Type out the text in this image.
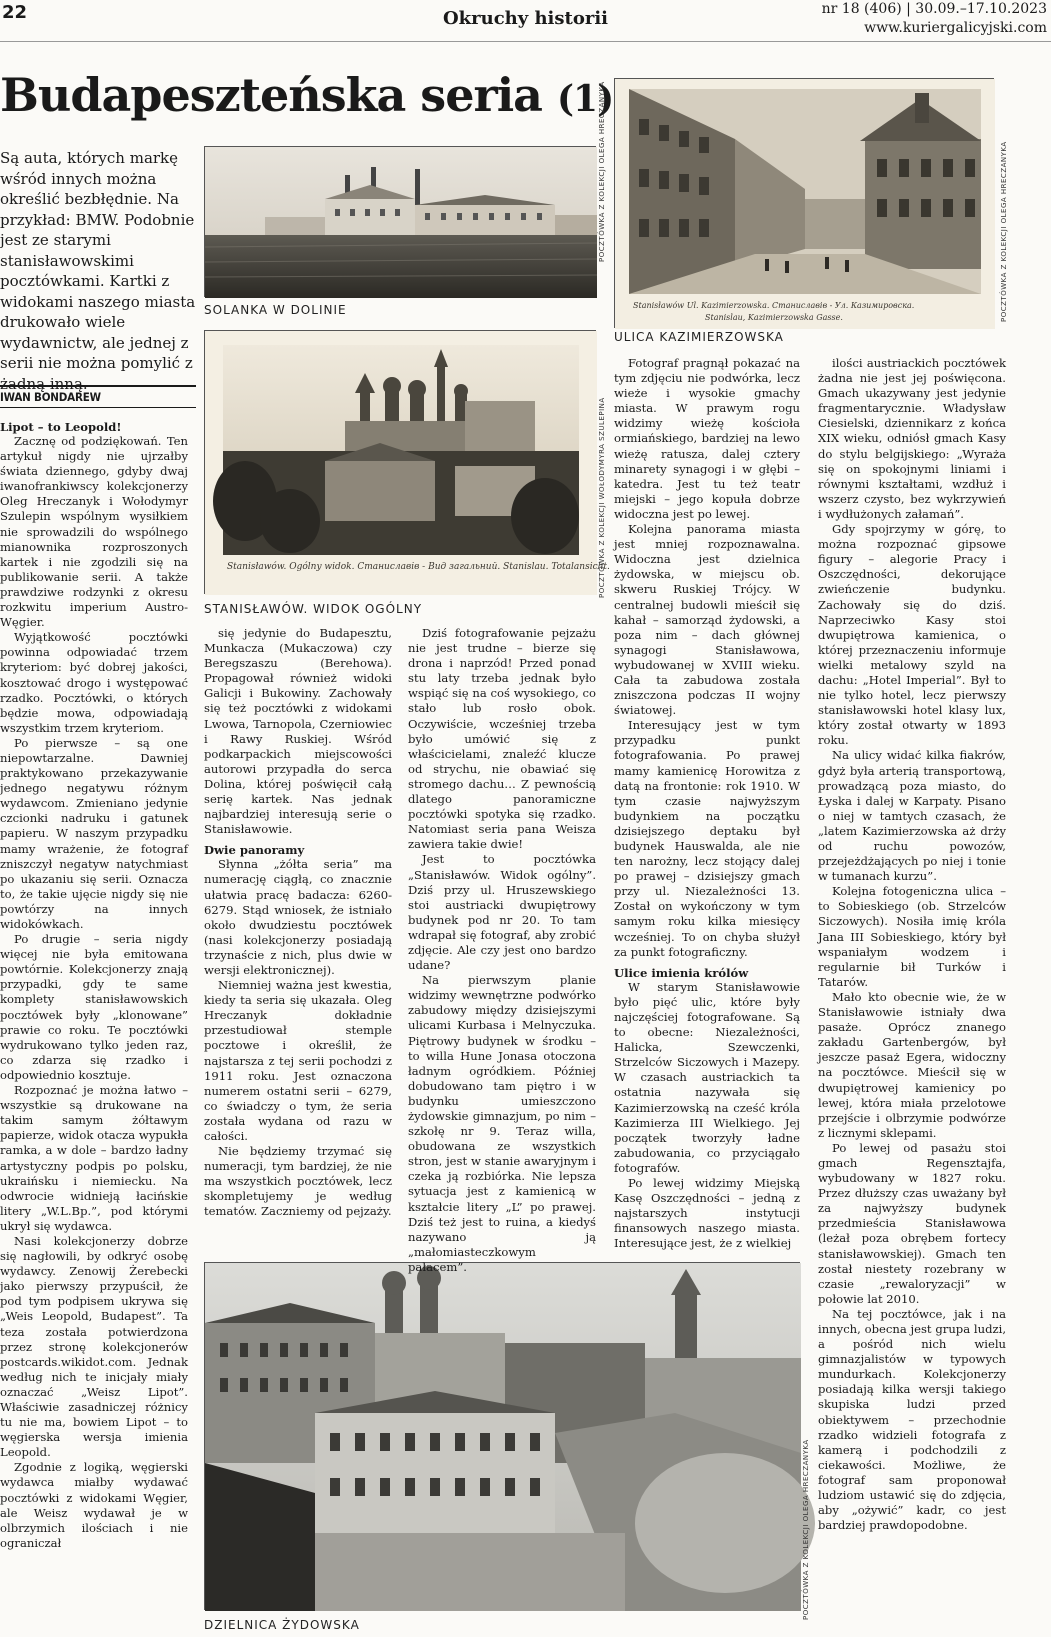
22	Okruchy historii	nr 18 (406) | 30.09.–17.10.2023
www.kuriergalicyjski.com
Budapeszteńska seria (1)
Są auta, których markę wśród innych można określić bezbłędnie. Na przykład: BMW. Podobnie jest ze starymi stanisławowskimi pocztówkami. Kartki z widokami naszego miasta drukowało wiele wydawnictw, ale jednej z serii nie można pomylić z żadną inną.
IWAN BONDAREW
SOLANKA W DOLINIE
POCZTÓWKA Z KOLEKCJI OLEGA HRECZANYKA
Stanisławów. Ogólny widok. Станиславів - Вид загальний. Stanislau. Totalansicht.
STANISŁAWÓW. WIDOK OGÓLNY
POCZTÓWKA Z KOLEKCJI WOŁODYMYRA SZULEPINA
Stanisławów Ul. Kazimierzowska. Станиславів - Ул. Казимировска.
Stanislau, Kazimierzowska Gasse.
ULICA KAZIMIERZOWSKA
POCZTÓWKA Z KOLEKCJI OLEGA HRECZANYKA
DZIELNICA ŻYDOWSKA
POCZTÓWKA Z KOLEKCJI OLEGA HRECZANYKA
Lipot – to Leopold!

Zacznę od podziękowań. Ten artykuł nigdy nie ujrzałby świata dziennego, gdyby dwaj iwanofrankiwscy kolekcjonerzy Oleg Hreczanyk i Wołodymyr Szulepin wspólnym wysiłkiem nie sprowadzili do wspólnego mianownika rozproszonych kartek i nie zgodzili się na publikowanie serii. A także prawdziwe rodzynki z okresu rozkwitu imperium Austro-Węgier.

Wyjątkowość pocztówki powinna odpowiadać trzem kryteriom: być dobrej jakości, kosztować drogo i występować rzadko. Pocztówki, o których będzie mowa, odpowiadają wszystkim trzem kryteriom.

Po pierwsze – są one niepowtarzalne. Dawniej praktykowano przekazywanie jednego negatywu różnym wydawcom. Zmieniano jedynie czcionki nadruku i gatunek papieru. W naszym przypadku mamy wrażenie, że fotograf zniszczył negatyw natychmiast po ukazaniu się serii. Oznacza to, że takie ujęcie nigdy się nie powtórzy na innych widokówkach.

Po drugie – seria nigdy więcej nie była emitowana powtórnie. Kolekcjonerzy znają przypadki, gdy te same komplety stanisławowskich pocztówek były „klonowane” prawie co roku. Te pocztówki wydrukowano tylko jeden raz, co zdarza się rzadko i odpowiednio kosztuje.

Rozpoznać je można łatwo – wszystkie są drukowane na takim samym żółtawym papierze, widok otacza wypukła ramka, a w dole – bardzo ładny artystyczny podpis po polsku, ukraińsku i niemiecku. Na odwrocie widnieją łacińskie litery „W.L.Bp.”, pod którymi ukrył się wydawca.

Nasi kolekcjonerzy dobrze się nagłowili, by odkryć osobę wydawcy. Zenowij Żerebecki jako pierwszy przypuścił, że pod tym podpisem ukrywa się „Weis Leopold, Budapest”. Ta teza została potwierdzona przez stronę kolekcjonerów postcards.wikidot.com. Jednak według nich te inicjały miały oznaczać „Weisz Lipot”. Właściwie zasadniczej różnicy tu nie ma, bowiem Lipot – to węgierska wersja imienia Leopold.

Zgodnie z logiką, węgierski wydawca miałby wydawać pocztówki z widokami Węgier, ale Weisz wydawał je w olbrzymich ilościach i nie ograniczał

się jedynie do Budapesztu, Munkacza (Mukaczowa) czy Beregszaszu (Berehowa). Propagował również widoki Galicji i Bukowiny. Zachowały się też pocztówki z widokami Lwowa, Tarnopola, Czerniowiec i Rawy Ruskiej. Wśród podkarpackich miejscowości autorowi przypadła do serca Dolina, której poświęcił całą serię kartek. Nas jednak najbardziej interesują serie o Stanisławowie.

Dwie panoramy

Słynna „żółta seria” ma numerację ciągłą, co znacznie ułatwia pracę badacza: 6260-6279. Stąd wniosek, że istniało około dwudziestu pocztówek (nasi kolekcjonerzy posiadają trzynaście z nich, plus dwie w wersji elektronicznej).

Niemniej ważna jest kwestia, kiedy ta seria się ukazała. Oleg Hreczanyk dokładnie przestudiował stemple pocztowe i określił, że najstarsza z tej serii pochodzi z 1911 roku. Jest oznaczona numerem ostatni serii – 6279, co świadczy o tym, że seria została wydana od razu w całości.

Nie będziemy trzymać się numeracji, tym bardziej, że nie ma wszystkich pocztówek, lecz skompletujemy je według tematów. Zaczniemy od pejzaży.

Dziś fotografowanie pejzażu nie jest trudne – bierze się drona i naprzód! Przed ponad stu laty trzeba jednak było wspiąć się na coś wysokiego, co stało lub rosło obok. Oczywiście, wcześniej trzeba było umówić się z właścicielami, znaleźć klucze od strychu, nie obawiać się stromego dachu… Z pewnością dlatego panoramiczne pocztówki spotyka się rzadko. Natomiast seria pana Weisza zawiera takie dwie!

Jest to pocztówka „Stanisławów. Widok ogólny”. Dziś przy ul. Hruszewskiego stoi austriacki dwupiętrowy budynek pod nr 20. To tam wdrapał się fotograf, aby zrobić zdjęcie. Ale czy jest ono bardzo udane?

Na pierwszym planie widzimy wewnętrzne podwórko zabudowy między dzisiejszymi ulicami Kurbasa i Melnyczuka. Piętrowy budynek w środku – to willa Hune Jonasa otoczona ładnym ogródkiem. Później dobudowano tam piętro i w budynku umieszczono żydowskie gimnazjum, po nim – szkołę nr 9. Teraz willa, obudowana ze wszystkich stron, jest w stanie awaryjnym i czeka ją rozbiórka. Nie lepsza sytuacja jest z kamienicą w kształcie litery „L” po prawej. Dziś też jest to ruina, a kiedyś nazywano ją „małomiasteczkowym pałacem”.

Fotograf pragnął pokazać na tym zdjęciu nie podwórka, lecz wieże i wysokie gmachy miasta. W prawym rogu widzimy wieżę kościoła ormiańskiego, bardziej na lewo wieżę ratusza, dalej cztery minarety synagogi i w głębi – katedra. Jest tu też teatr miejski – jego kopuła dobrze widoczna jest po lewej.

Kolejna panorama miasta jest mniej rozpoznawalna. Widoczna jest dzielnica żydowska, w miejscu ob. skweru Ruskiej Trójcy. W centralnej budowli mieścił się kahał – samorząd żydowski, a poza nim – dach głównej synagogi Stanisławowa, wybudowanej w XVIII wieku. Cała ta zabudowa została zniszczona podczas II wojny światowej.

Interesujący jest w tym przypadku punkt fotografowania. Po prawej mamy kamienicę Horowitza z datą na frontonie: rok 1910. W tym czasie najwyższym budynkiem na początku dzisiejszego deptaku był budynek Hauswalda, ale nie ten narożny, lecz stojący dalej po prawej – dzisiejszy gmach przy ul. Niezależności 13. Został on wykończony w tym samym roku kilka miesięcy wcześniej. To on chyba służył za punkt fotograficzny.

Ulice imienia królów

W starym Stanisławowie było pięć ulic, które były najczęściej fotografowane. Są to obecne: Niezależności, Halicka, Szewczenki, Strzelców Siczowych i Mazepy. W czasach austriackich ta ostatnia nazywała się Kazimierzowską na cześć króla Kazimierza III Wielkiego. Jej początek tworzyły ładne zabudowania, co przyciągało fotografów.

Po lewej widzimy Miejską Kasę Oszczędności – jedną z najstarszych instytucji finansowych naszego miasta. Interesujące jest, że z wielkiej

ilości austriackich pocztówek żadna nie jest jej poświęcona. Gmach ukazywany jest jedynie fragmentarycznie. Władysław Ciesielski, dziennikarz z końca XIX wieku, odniósł gmach Kasy do stylu belgijskiego: „Wyraża się on spokojnymi liniami i równymi kształtami, wzdłuż i wszerz czysto, bez wykrzywień i wydłużonych załamań”.

Gdy spojrzymy w górę, to można rozpoznać gipsowe figury – alegorie Pracy i Oszczędności, dekorujące zwieńczenie budynku. Zachowały się do dziś. Naprzeciwko Kasy stoi dwupiętrowa kamienica, o której przeznaczeniu informuje wielki metalowy szyld na dachu: „Hotel Imperial”. Był to nie tylko hotel, lecz pierwszy stanisławowski hotel klasy lux, który został otwarty w 1893 roku.

Na ulicy widać kilka fiakrów, gdyż była arterią transportową, prowadzącą poza miasto, do Łyska i dalej w Karpaty. Pisano o niej w tamtych czasach, że „latem Kazimierzowska aż drży od ruchu powozów, przejeżdżających po niej i tonie w tumanach kurzu”.

Kolejna fotogeniczna ulica – to Sobieskiego (ob. Strzelców Siczowych). Nosiła imię króla Jana III Sobieskiego, który był wspaniałym wodzem i regularnie bił Turków i Tatarów.

Mało kto obecnie wie, że w Stanisławowie istniały dwa pasaże. Oprócz znanego zakładu Gartenbergów, był jeszcze pasaż Egera, widoczny na pocztówce. Mieścił się w dwupiętrowej kamienicy po lewej, która miała przelotowe przejście i olbrzymie podwórze z licznymi sklepami.

Po lewej od pasażu stoi gmach Regensztajfa, wybudowany w 1827 roku. Przez dłuższy czas uważany był za najwyższy budynek przedmieścia Stanisławowa (leżał poza obrębem fortecy stanisławowskiej). Gmach ten został niestety rozebrany w czasie „rewaloryzacji” w połowie lat 2010.

Na tej pocztówce, jak i na innych, obecna jest grupa ludzi, a pośród nich wielu gimnazjalistów w typowych mundurkach. Kolekcjonerzy posiadają kilka wersji takiego skupiska ludzi przed obiektywem – przechodnie rzadko widzieli fotografa z kamerą i podchodzili z ciekawości. Możliwe, że fotograf sam proponował ludziom ustawić się do zdjęcia, aby „ożywić” kadr, co jest bardziej prawdopodobne.
